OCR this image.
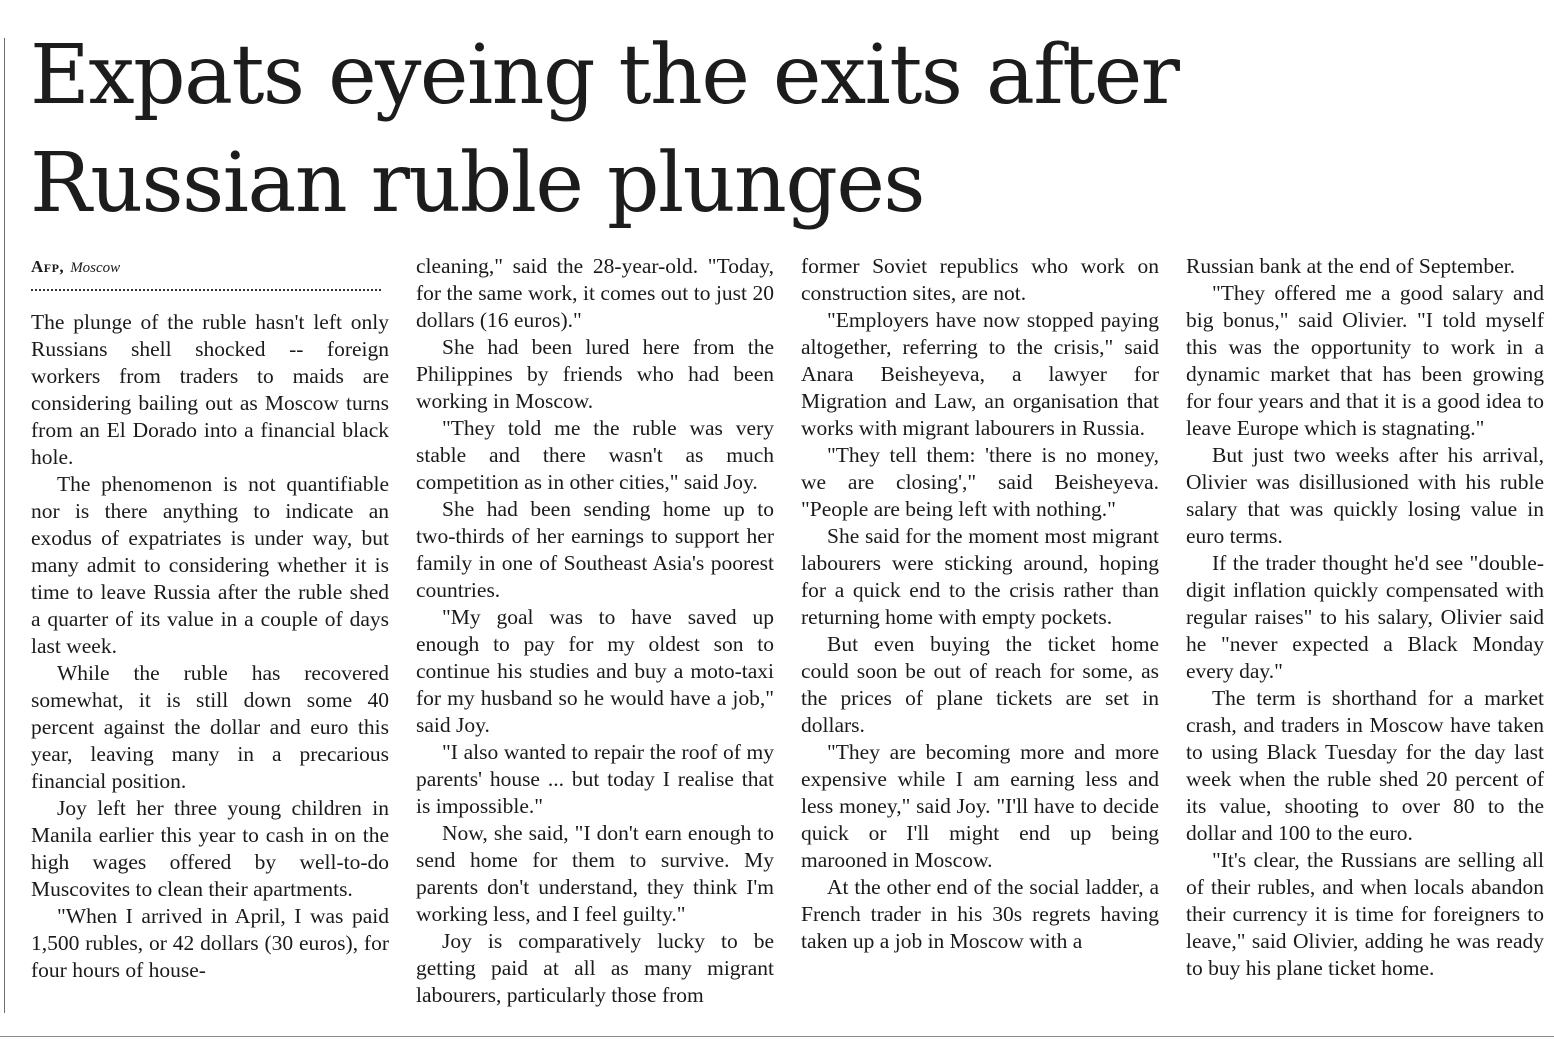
Expats eyeing the exits after
Russian ruble plunges
Afp, Moscow

The plunge of the ruble hasn't left only Russians shell shocked -- foreign workers from traders to maids are considering bailing out as Moscow turns from an El Dorado into a financial black hole.

The phenomenon is not quantifiable nor is there anything to indicate an exodus of expatriates is under way, but many admit to considering whether it is time to leave Russia after the ruble shed a quarter of its value in a couple of days last week.

While the ruble has recovered somewhat, it is still down some 40 percent against the dollar and euro this year, leaving many in a precarious financial position.

Joy left her three young children in Manila earlier this year to cash in on the high wages offered by well-to-do Muscovites to clean their apartments.

"When I arrived in April, I was paid 1,500 rubles, or 42 dollars (30 euros), for four hours of house-

cleaning," said the 28-year-old. "Today, for the same work, it comes out to just 20 dollars (16 euros)."

She had been lured here from the Philippines by friends who had been working in Moscow.

"They told me the ruble was very stable and there wasn't as much competition as in other cities," said Joy.

She had been sending home up to two-thirds of her earnings to support her family in one of Southeast Asia's poorest countries.

"My goal was to have saved up enough to pay for my oldest son to continue his studies and buy a moto-taxi for my husband so he would have a job," said Joy.

"I also wanted to repair the roof of my parents' house ... but today I realise that is impossible."

Now, she said, "I don't earn enough to send home for them to survive. My parents don't understand, they think I'm working less, and I feel guilty."

Joy is comparatively lucky to be getting paid at all as many migrant labourers, particularly those from

former Soviet republics who work on construction sites, are not.

"Employers have now stopped paying altogether, referring to the crisis," said Anara Beisheyeva, a lawyer for Migration and Law, an organisation that works with migrant labourers in Russia.

"They tell them: 'there is no money, we are closing'," said Beisheyeva. "People are being left with nothing."

She said for the moment most migrant labourers were sticking around, hoping for a quick end to the crisis rather than returning home with empty pockets.

But even buying the ticket home could soon be out of reach for some, as the prices of plane tickets are set in dollars.

"They are becoming more and more expensive while I am earning less and less money," said Joy. "I'll have to decide quick or I'll might end up being marooned in Moscow.

At the other end of the social ladder, a French trader in his 30s regrets having taken up a job in Moscow with a

Russian bank at the end of September.

"They offered me a good salary and big bonus," said Olivier. "I told myself this was the opportunity to work in a dynamic market that has been growing for four years and that it is a good idea to leave Europe which is stagnating."

But just two weeks after his arrival, Olivier was disillusioned with his ruble salary that was quickly losing value in euro terms.

If the trader thought he'd see "double-digit inflation quickly compensated with regular raises" to his salary, Olivier said he "never expected a Black Monday every day."

The term is shorthand for a market crash, and traders in Moscow have taken to using Black Tuesday for the day last week when the ruble shed 20 percent of its value, shooting to over 80 to the dollar and 100 to the euro.

"It's clear, the Russians are selling all of their rubles, and when locals abandon their currency it is time for foreigners to leave," said Olivier, adding he was ready to buy his plane ticket home.
